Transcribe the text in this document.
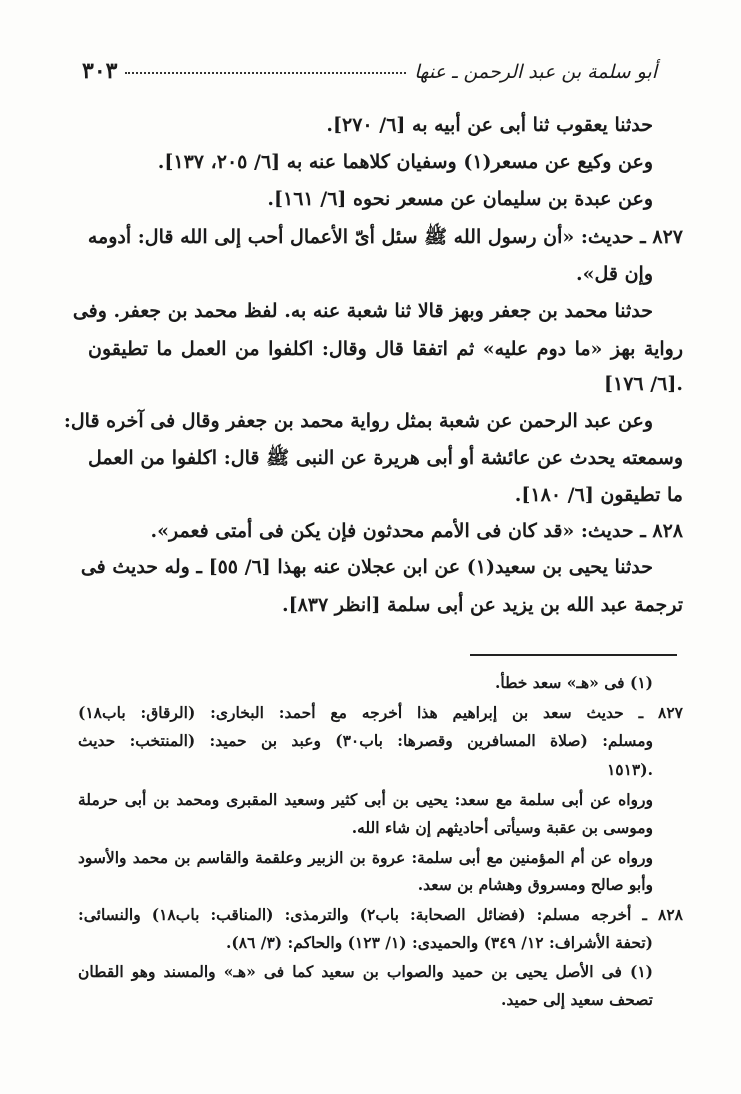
أبو سلمة بن عبد الرحمن ـ عنها
٣٠٣
حدثنا يعقوب ثنا أبى عن أبيه به [٦/ ٢٧٠].
وعن وكيع عن مسعر(١) وسفيان كلاهما عنه به [٦/ ٢٠٥، ١٣٧].
وعن عبدة بن سليمان عن مسعر نحوه [٦/ ١٦١].
٨٢٧ ـ حديث: «أن رسول الله ﷺ سئل أىّ الأعمال أحب إلى الله قال: أدومه
وإن قل».
حدثنا محمد بن جعفر وبهز قالا ثنا شعبة عنه به. لفظ محمد بن جعفر. وفى
رواية بهز «ما دوم عليه» ثم اتفقا قال وقال: اكلفوا من العمل ما تطيقون
[٦/ ١٧٦].
وعن عبد الرحمن عن شعبة بمثل رواية محمد بن جعفر وقال فى آخره قال:
وسمعته يحدث عن عائشة أو أبى هريرة عن النبى ﷺ قال: اكلفوا من العمل
ما تطيقون [٦/ ١٨٠].
٨٢٨ ـ حديث: «قد كان فى الأمم محدثون فإن يكن فى أمتى فعمر».
حدثنا يحيى بن سعيد(١) عن ابن عجلان عنه بهذا [٦/ ٥٥] ـ وله حديث فى
ترجمة عبد الله بن يزيد عن أبى سلمة [انظر ٨٣٧].
(١) فى «هـ» سعد خطأ.
٨٢٧ ـ حديث سعد بن إبراهيم هذا أخرجه مع أحمد: البخارى: (الرقاق: باب١٨)
ومسلم: (صلاة المسافرين وقصرها: باب٣٠) وعبد بن حميد: (المنتخب: حديث
١٥١٣).
ورواه عن أبى سلمة مع سعد: يحيى بن أبى كثير وسعيد المقبرى ومحمد بن أبى حرملة
وموسى بن عقبة وسيأتى أحاديثهم إن شاء الله.
ورواه عن أم المؤمنين مع أبى سلمة: عروة بن الزبير وعلقمة والقاسم بن محمد والأسود
وأبو صالح ومسروق وهشام بن سعد.
٨٢٨ ـ أخرجه مسلم: (فضائل الصحابة: باب٢) والترمذى: (المناقب: باب١٨) والنسائى:
(تحفة الأشراف: ١٢/ ٣٤٩) والحميدى: (١/ ١٢٣) والحاكم: (٣/ ٨٦).
(١) فى الأصل يحيى بن حميد والصواب بن سعيد كما فى «هـ» والمسند وهو القطان
تصحف سعيد إلى حميد.
